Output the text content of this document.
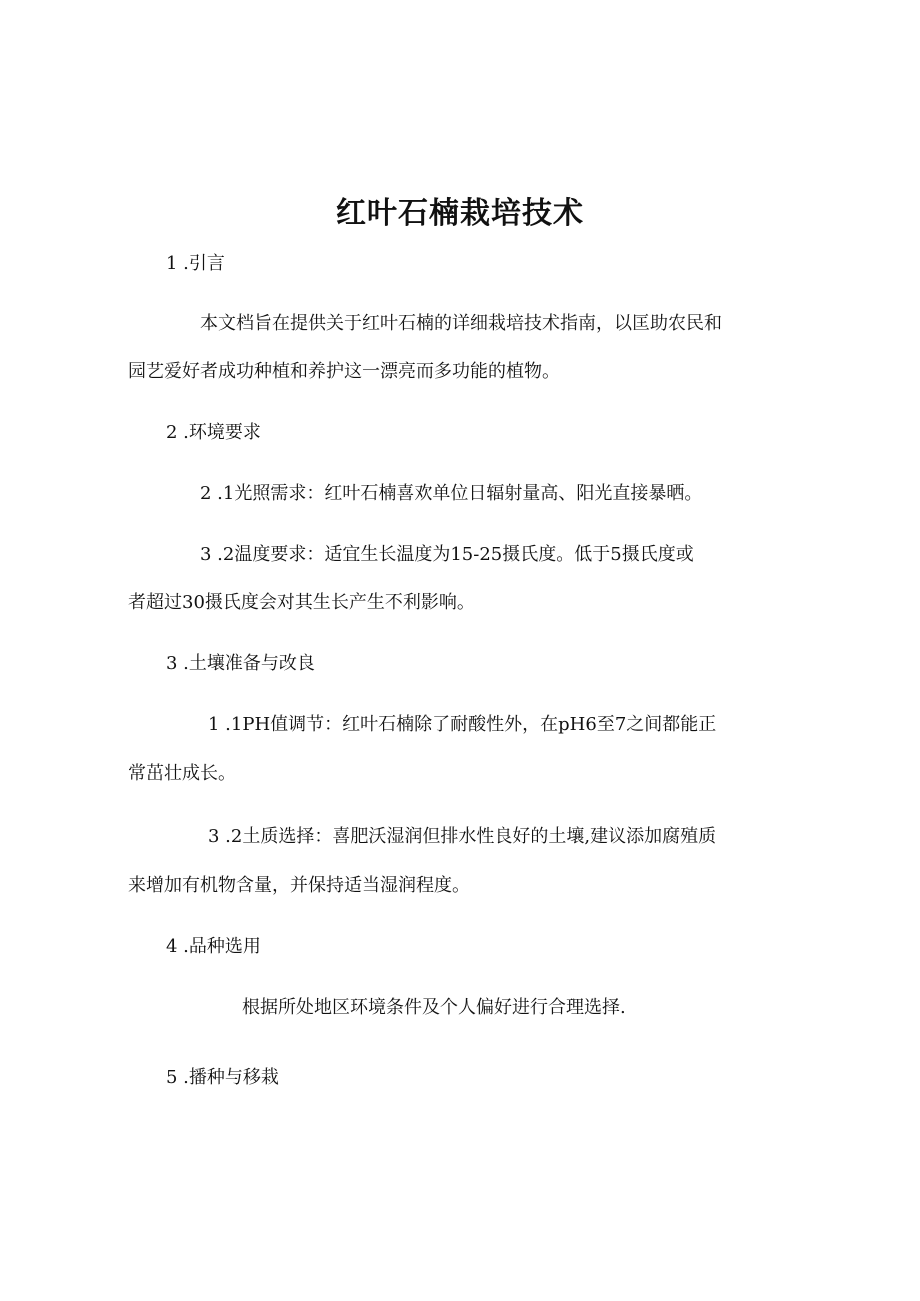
红叶石楠栽培技术
1 .引言
本文档旨在提供关于红叶石楠的详细栽培技术指南，以匡助农民和
园艺爱好者成功种植和养护这一漂亮而多功能的植物。
2 .环境要求
2 .1光照需求：红叶石楠喜欢单位日辐射量高、阳光直接暴晒。
3 .2温度要求：适宜生长温度为15-25摄氏度。低于5摄氏度或
者超过30摄氏度会对其生长产生不利影响。
3 .土壤准备与改良
1 .1PH值调节：红叶石楠除了耐酸性外，在pH6至7之间都能正
常茁壮成长。
3 .2土质选择：喜肥沃湿润但排水性良好的土壤,建议添加腐殖质
来增加有机物含量，并保持适当湿润程度。
4 .品种选用
根据所处地区环境条件及个人偏好进行合理选择.
5 .播种与移栽
